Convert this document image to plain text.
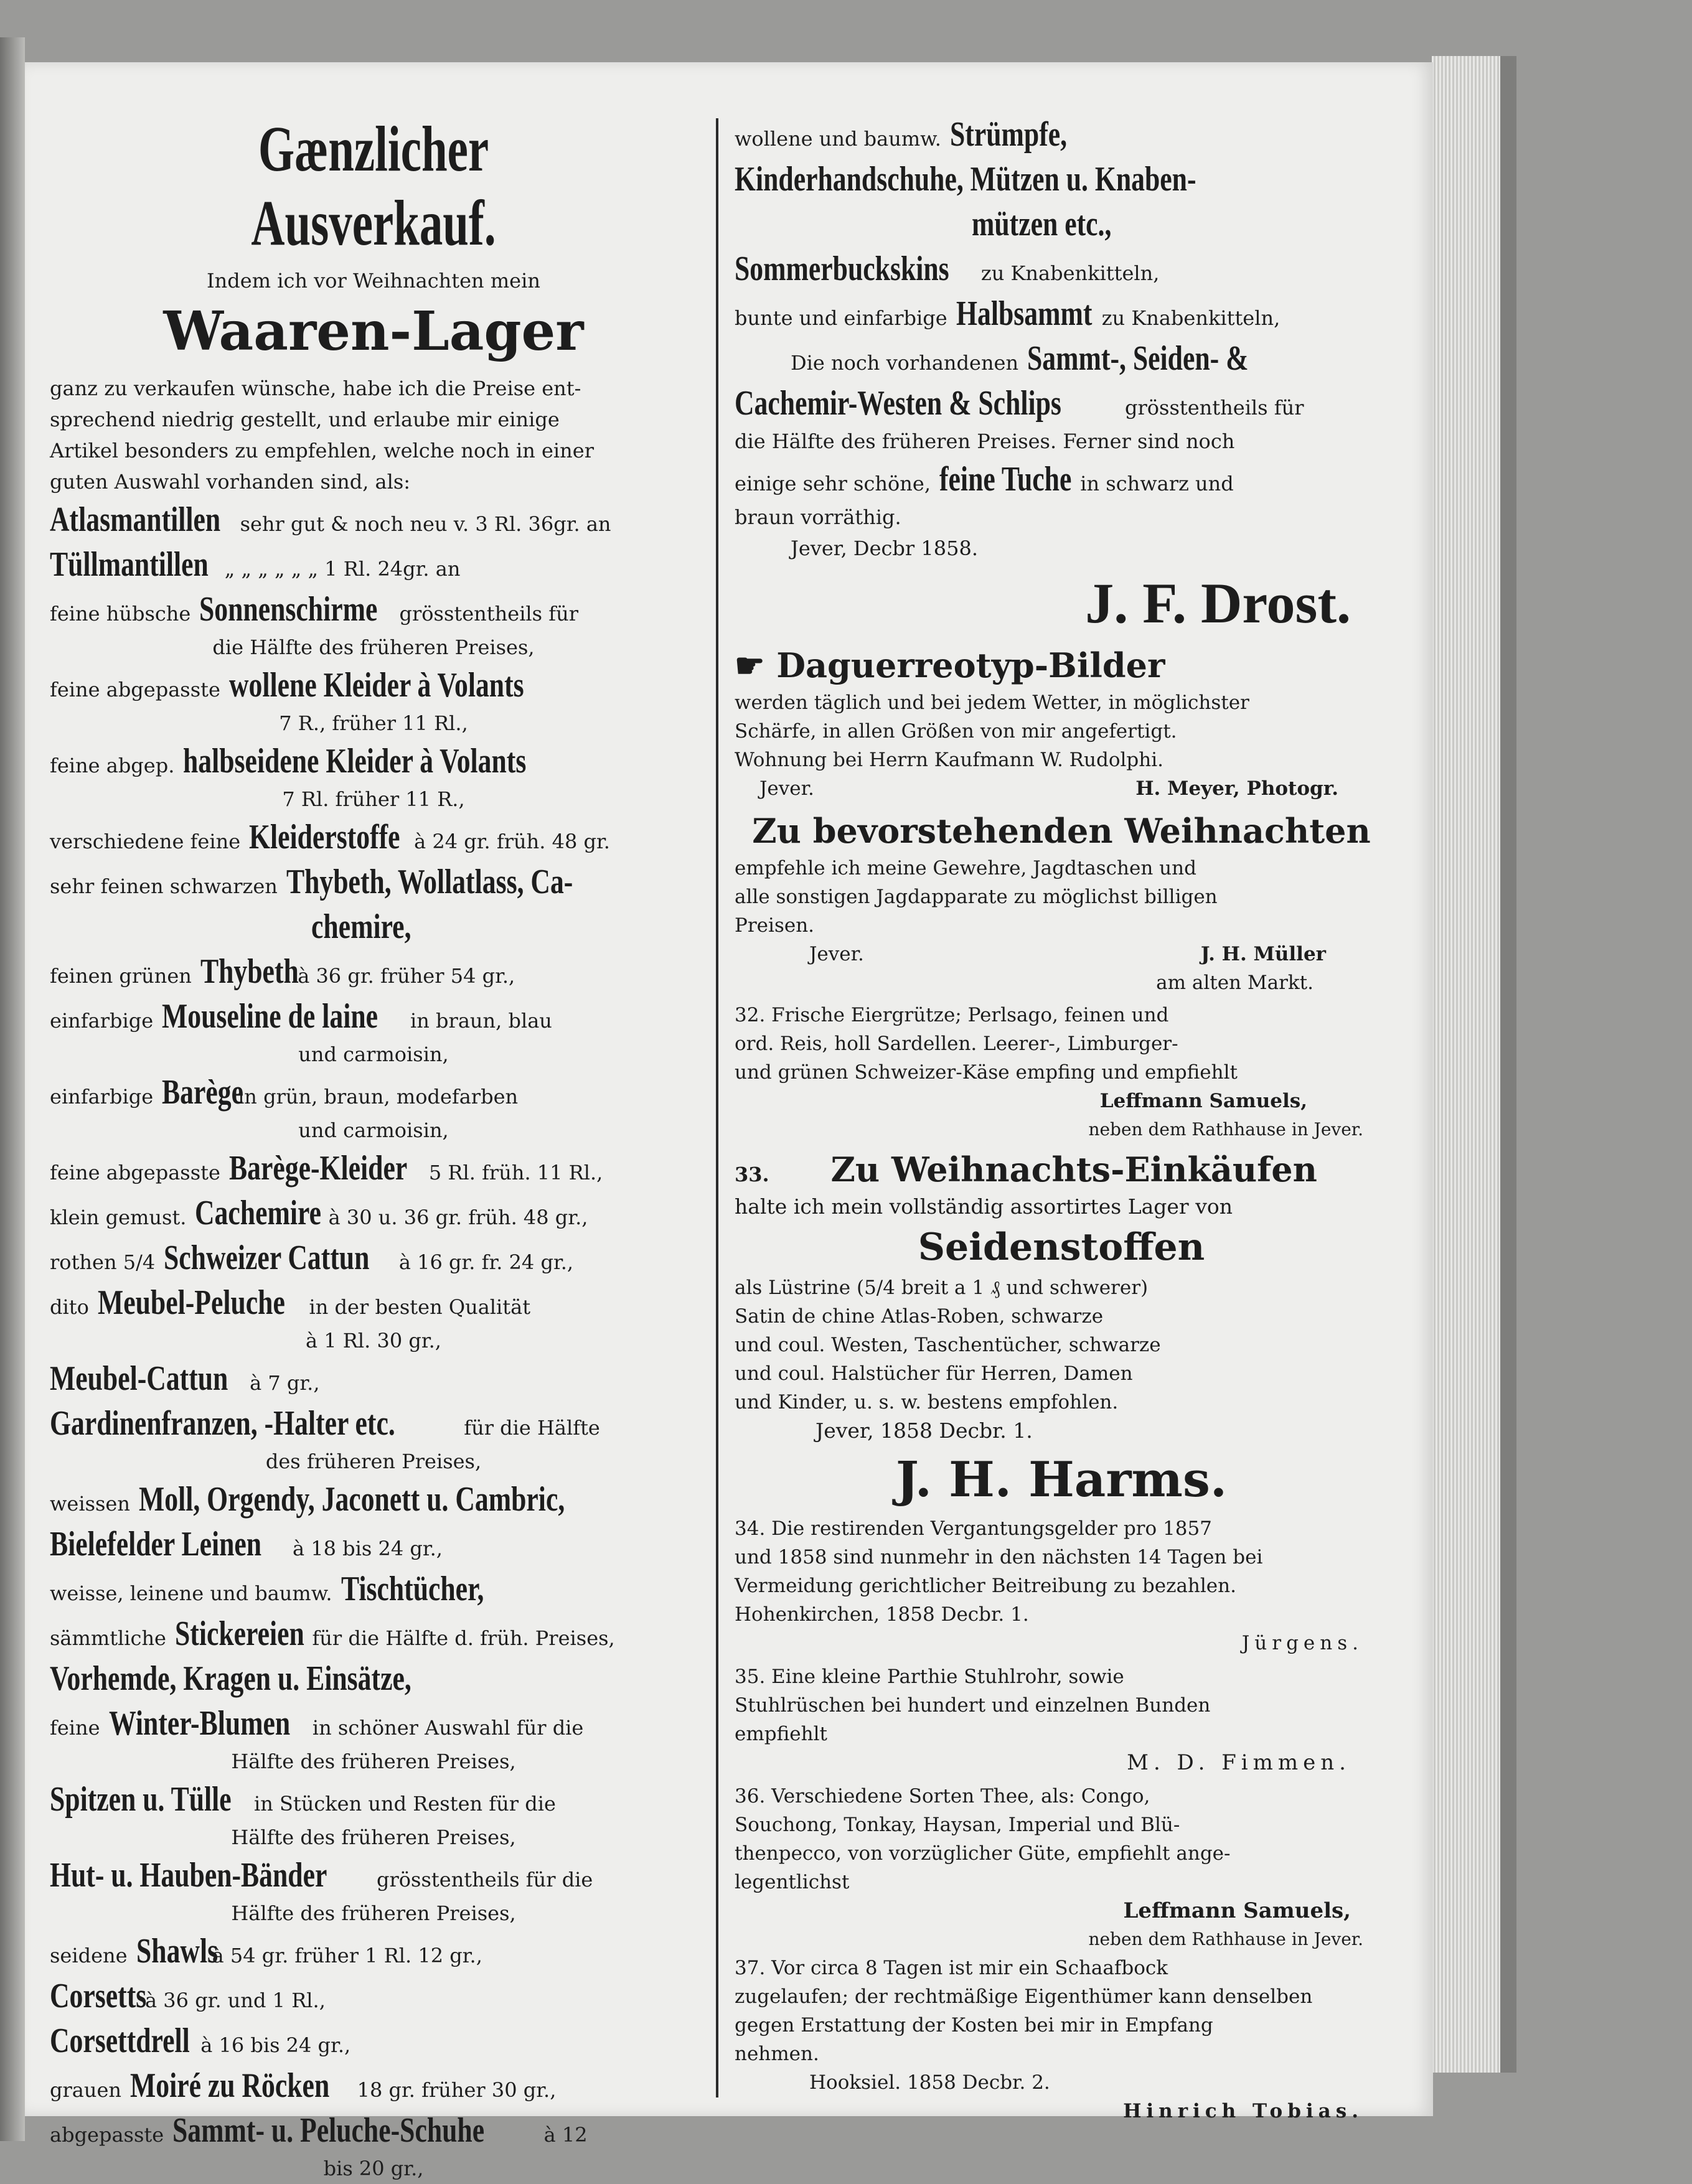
Gænzlicher Ausverkauf.

Indem ich vor Weihnachten mein

Waaren-Lager

ganz zu verkaufen wünsche, habe ich die Preise ent-

sprechend niedrig gestellt, und erlaube mir einige

Artikel besonders zu empfehlen, welche noch in einer

guten Auswahl vorhanden sind, als:

Atlasmantillen sehr gut & noch neu v. 3 Rl. 36gr. an

Tüllmantillen „ „ „ „ „ „ 1 Rl. 24gr. an

feine hübsche Sonnenschirme grösstentheils für

die Hälfte des früheren Preises,

feine abgepasste wollene Kleider à Volants

7 R., früher 11 Rl.,

feine abgep. halbseidene Kleider à Volants

7 Rl. früher 11 R.,

verschiedene feine Kleiderstoffe à 24 gr. früh. 48 gr.

sehr feinen schwarzen Thybeth, Wollatlass, Ca-

chemire,

feinen grünen Thybeth
à 36 gr. früher 54 gr.,

einfarbige Mouseline de laine in braun, blau

und carmoisin,

einfarbige Barège
in grün, braun, modefarben

und carmoisin,

feine abgepasste Barège-Kleider 5 Rl. früh. 11 Rl.,

klein gemust. Cachemire à 30 u. 36 gr. früh. 48 gr.,

rothen 5/4 Schweizer Cattun à 16 gr. fr. 24 gr.,

dito Meubel-Peluche in der besten Qualität

à 1 Rl. 30 gr.,

Meubel-Cattun à 7 gr.,

Gardinenfranzen, -Halter etc.	für die Hälfte

des früheren Preises,

weissen Moll, Orgendy, Jaconett u. Cambric,

Bielefelder Leinen à 18 bis 24 gr.,

weisse, leinene und baumw. Tischtücher,

sämmtliche Stickereien für die Hälfte d. früh. Preises,

Vorhemde, Kragen u. Einsätze,

feine Winter-Blumen in schöner Auswahl für die

Hälfte des früheren Preises,

Spitzen u. Tülle in Stücken und Resten für die

Hälfte des früheren Preises,

Hut- u. Hauben-Bänder grösstentheils für die

Hälfte des früheren Preises,

seidene Shawls
à 54 gr. früher 1 Rl. 12 gr.,

Corsetts
à 36 gr. und 1 Rl.,

Corsettdrell à 16 bis 24 gr.,

grauen Moiré zu Röcken 18 gr. früher 30 gr.,

abgepasste Sammt- u. Peluche-Schuhe	à 12

bis 20 gr.,

wollene und baumw. Strümpfe,

Kinderhandschuhe, Mützen u. Knaben-

mützen etc.,

Sommerbuckskins zu Knabenkitteln,

bunte und einfarbige Halbsammt zu Knabenkitteln,

Die noch vorhandenen Sammt-, Seiden- &

Cachemir-Westen & Schlips	grösstentheils für

die Hälfte des früheren Preises. Ferner sind noch

einige sehr schöne, feine Tuche in schwarz und

braun vorräthig.

Jever, Decbr 1858.

J. F. Drost.
☛ Daguerreotyp-Bilder

werden täglich und bei jedem Wetter, in möglichster

Schärfe, in allen Größen von mir angefertigt.

Wohnung bei Herrn Kaufmann W. Rudolphi.

Jever.	H. Meyer, Photogr.

Zu bevorstehenden Weihnachten

empfehle ich meine Gewehre, Jagdtaschen und

alle sonstigen Jagdapparate zu möglichst billigen

Preisen.

Jever.	J. H. Müller

am alten Markt.

32. Frische Eiergrütze; Perlsago, feinen und

ord. Reis, holl Sardellen. Leerer-, Limburger-

und grünen Schweizer-Käse empfing und empfiehlt

Leffmann Samuels,

neben dem Rathhause in Jever.

33. Zu Weihnachts-Einkäufen

halte ich mein vollständig assortirtes Lager von

Seidenstoffen

als Lüstrine (5/4 breit a 1 ₰ und schwerer)

Satin de chine Atlas-Roben, schwarze

und coul. Westen, Taschentücher, schwarze

und coul. Halstücher für Herren, Damen

und Kinder, u. s. w. bestens empfohlen.

Jever, 1858 Decbr. 1.

J. H. Harms.

34. Die restirenden Vergantungsgelder pro 1857

und 1858 sind nunmehr in den nächsten 14 Tagen bei

Vermeidung gerichtlicher Beitreibung zu bezahlen.

Hohenkirchen, 1858 Decbr. 1.

Jürgens.

35. Eine kleine Parthie Stuhlrohr, sowie

Stuhlrüschen bei hundert und einzelnen Bunden

empfiehlt

M. D. Fimmen.

36. Verschiedene Sorten Thee, als: Congo,

Souchong, Tonkay, Haysan, Imperial und Blü-

thenpecco, von vorzüglicher Güte, empfiehlt ange-

legentlichst

Leffmann Samuels,

neben dem Rathhause in Jever.

37. Vor circa 8 Tagen ist mir ein Schaafbock

zugelaufen; der rechtmäßige Eigenthümer kann denselben

gegen Erstattung der Kosten bei mir in Empfang

nehmen.

Hooksiel. 1858 Decbr. 2.

Hinrich Tobias.
